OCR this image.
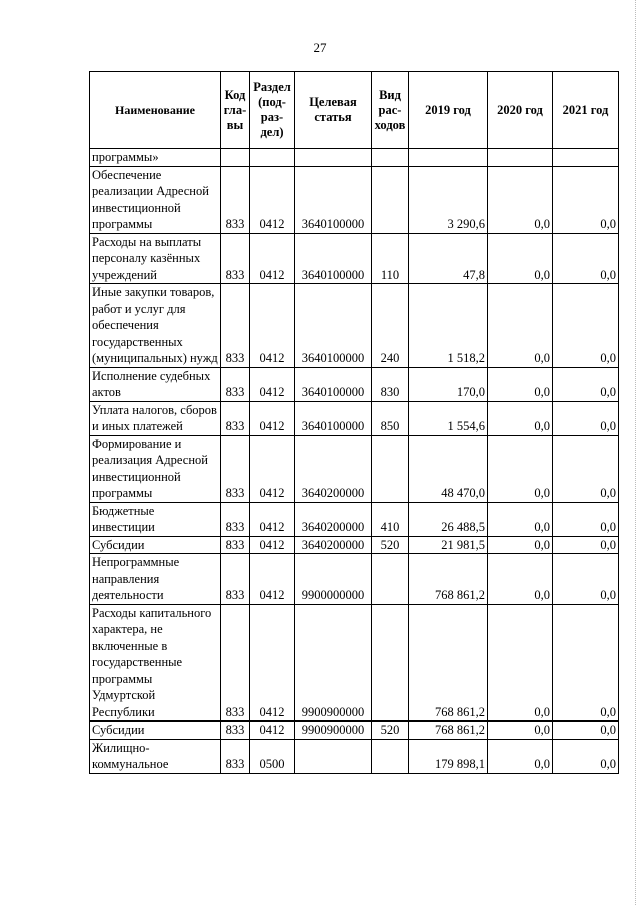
27
Наименование	Код гла- вы	Раздел (под- раз- дел)	Целевая статья	Вид рас- ходов	2019 год	2020 год	2021 год
программы»							
Обеспечение реализации Адресной инвестиционной программы	833	0412	3640100000		3 290,6	0,0	0,0
Расходы на выплаты персоналу казённых учреждений	833	0412	3640100000	110	47,8	0,0	0,0
Иные закупки товаров, работ и услуг для обеспечения государственных (муниципальных) нужд	833	0412	3640100000	240	1 518,2	0,0	0,0
Исполнение судебных актов	833	0412	3640100000	830	170,0	0,0	0,0
Уплата налогов, сборов и иных платежей	833	0412	3640100000	850	1 554,6	0,0	0,0
Формирование и реализация Адресной инвестиционной программы	833	0412	3640200000		48 470,0	0,0	0,0
Бюджетные инвестиции	833	0412	3640200000	410	26 488,5	0,0	0,0
Субсидии	833	0412	3640200000	520	21 981,5	0,0	0,0
Непрограммные направления деятельности	833	0412	9900000000		768 861,2	0,0	0,0
Расходы капитального характера, не включенные в государственные программы Удмуртской Республики	833	0412	9900900000		768 861,2	0,0	0,0
Субсидии	833	0412	9900900000	520	768 861,2	0,0	0,0
Жилищно- коммунальное	833	0500			179 898,1	0,0	0,0
